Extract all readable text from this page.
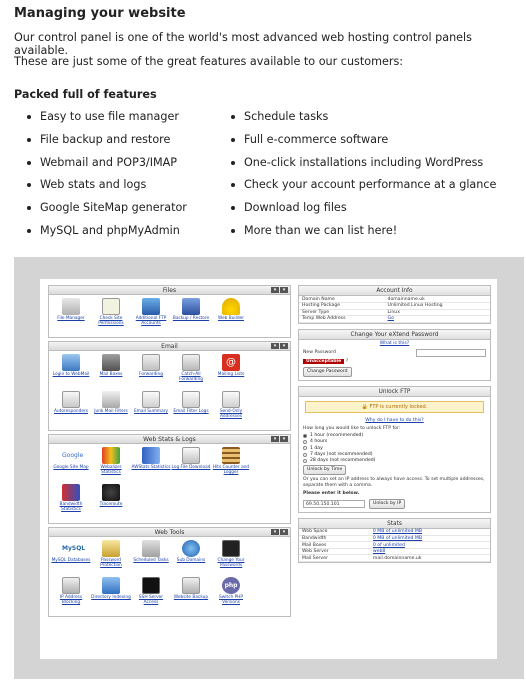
Managing your website
Our control panel is one of the world's most advanced web hosting control panels available.
These are just some of the great features available to our customers:
Packed full of features
Easy to use file manager
File backup and restore
Webmail and POP3/IMAP
Web stats and logs
Google SiteMap generator
MySQL and phpMyAdmin
Schedule tasks
Full e-commerce software
One-click installations including WordPress
Check your account performance at a glance
Download log files
More than we can list here!
Files	▾	▾
File Manager	Check Site Permissions
Additional FTP Accounts
Backup / Restore	Web Builder
Email	▾	▾
Login to WebMail	Mail Boxes	Forwarding	Catch-All Forwarding
@
Mailing Lists
Autoresponders	Junk Mail Filters	Email Summary	Email Filter Logs	Send-Only Addresses
Web Stats & Logs	▾	▾
Google
Google Site Map	Webalizer Statistics
AWStats Statistics Log File Download Hits Counter and Logger
Bandwidth Statistics
Traceroute
Web Tools	▾	▾
MySQL
MySQL Databases	Password Protection
Scheduled Tasks	Sub Domains	Change Your Passwords
IP Address Blocking
Directory Indexing	SSH Server Access
Website Backup
php
Switch PHP Versions
Account Info
Domain Name	domainname.uk
Hosting Package	Unlimited Linux Hosting
Server Type	Linux
Temp Web Address	Go
Change Your eXtend Password
What is this?
New Password
Unacceptable ?
Change Password
Unlock FTP
🔒 FTP is currently locked.
Why do I have to do this?
How long you would like to unlock FTP for:
1 hour (recommended)
4 hours
1 day
7 days (not recommended)
28 days (not recommended)
Unlock by Time
Or you can set an IP address to always have access. To set multiple addresses, separate them with a comma.
Please enter it below.
69.50.150.101	Unlock by IP
Stats
Web Space	0 MB of unlimited MB
Bandwidth	0 MB of unlimited MB
Mail Boxes	0 of unlimited
Web Server	web8
Mail Server	mail.domainname.uk
